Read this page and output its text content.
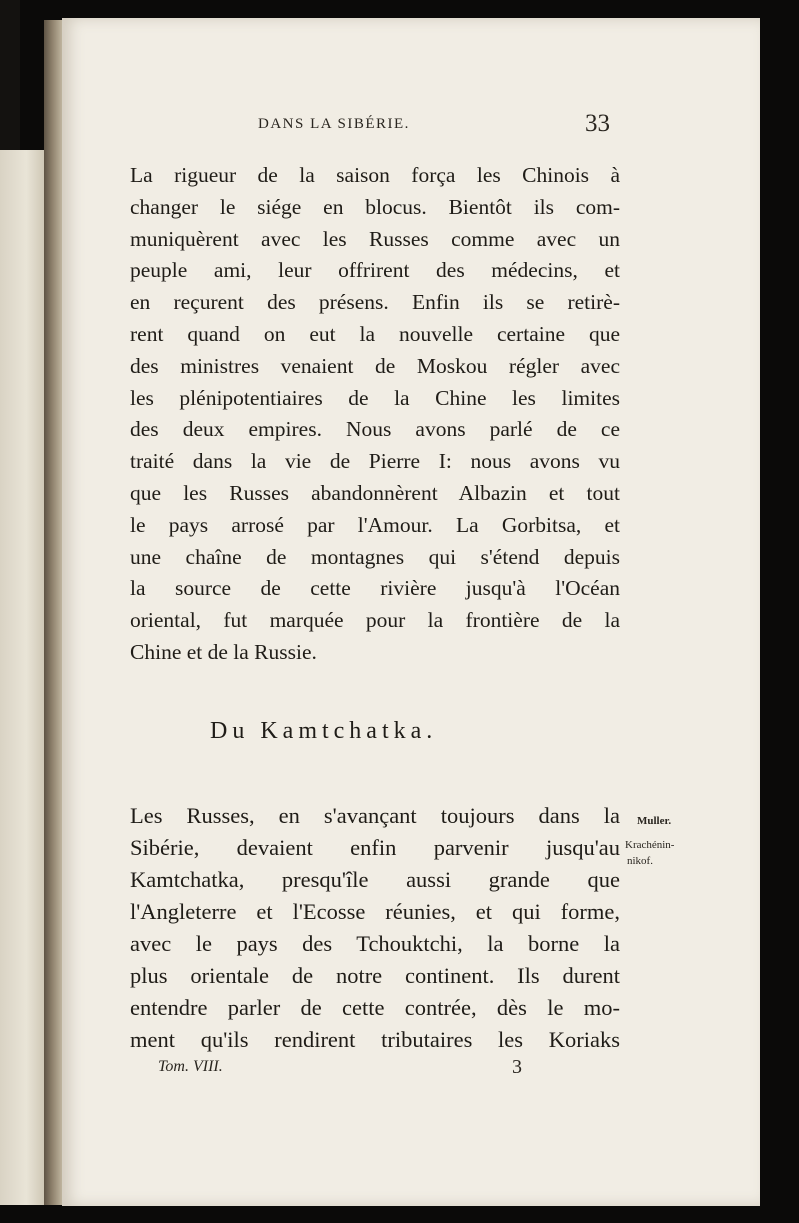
DANS LA SIBÉRIE.	33
La rigueur de la saison força les Chinois à
changer le siége en blocus. Bientôt ils com-
muniquèrent avec les Russes comme avec un
peuple ami, leur offrirent des médecins, et
en reçurent des présens. Enfin ils se retirè-
rent quand on eut la nouvelle certaine que
des ministres venaient de Moskou régler avec
les plénipotentiaires de la Chine les limites
des deux empires. Nous avons parlé de ce
traité dans la vie de Pierre I: nous avons vu
que les Russes abandonnèrent Albazin et tout
le pays arrosé par l'Amour. La Gorbitsa, et
une chaîne de montagnes qui s'étend depuis
la source de cette rivière jusqu'à l'Océan
oriental, fut marquée pour la frontière de la
Chine et de la Russie.
Du Kamtchatka.
Les Russes, en s'avançant toujours dans la
Sibérie, devaient enfin parvenir jusqu'au
Kamtchatka, presqu'île aussi grande que
l'Angleterre et l'Ecosse réunies, et qui forme,
avec le pays des Tchouktchi, la borne la
plus orientale de notre continent. Ils durent
entendre parler de cette contrée, dès le mo-
ment qu'ils rendirent tributaires les Koriaks
Muller.
Krachénin-
nikof.
Tom. VIII.	3
